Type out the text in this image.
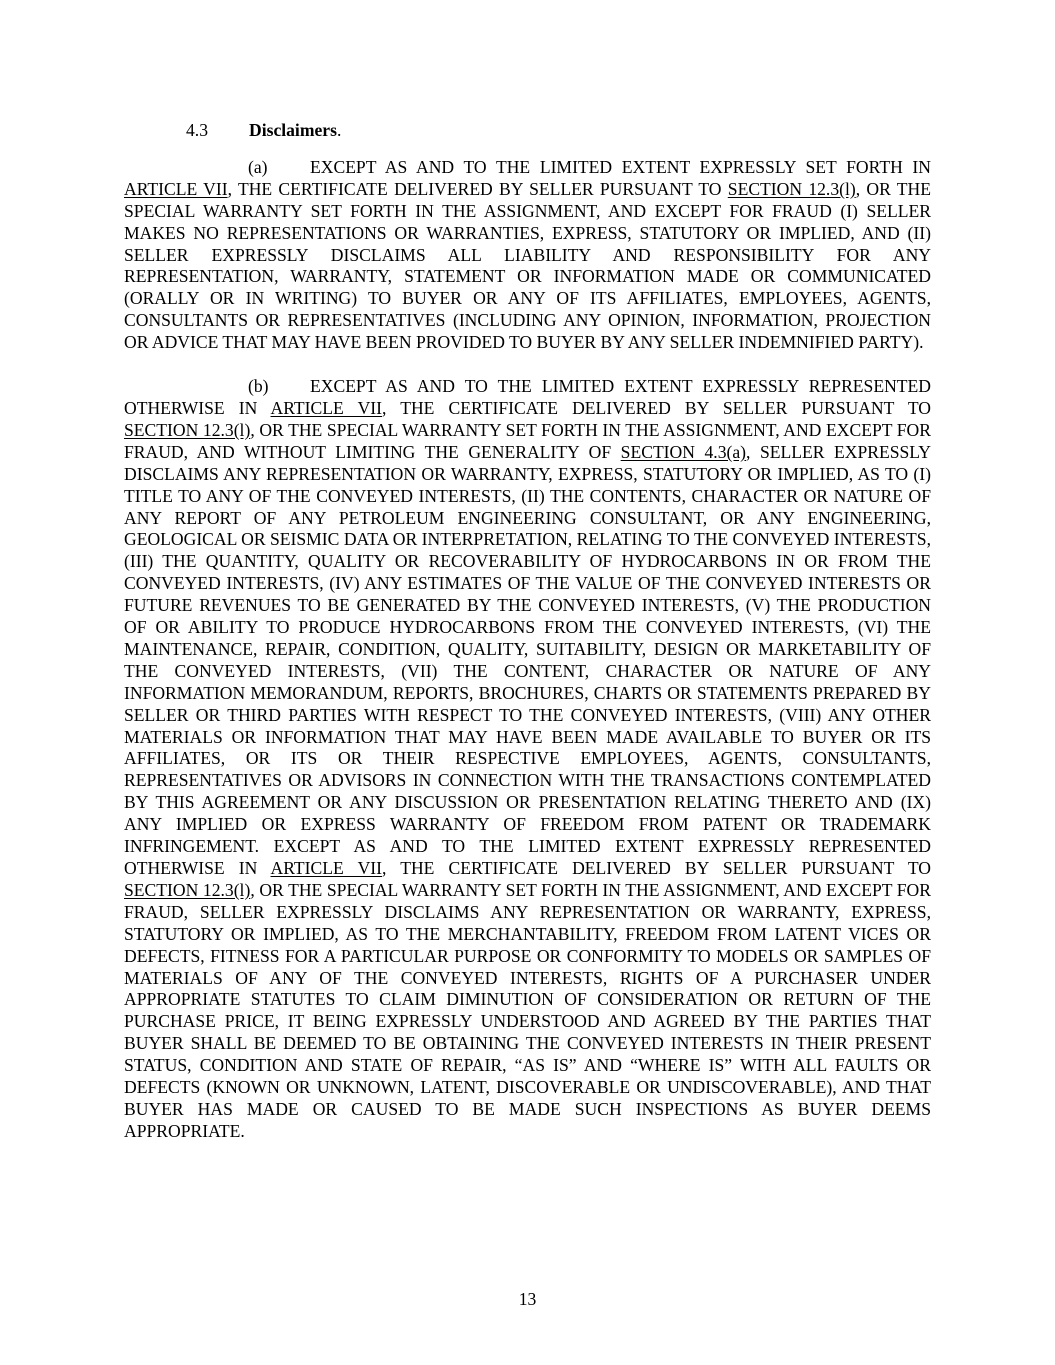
4.3 Disclaimers.

(a) EXCEPT AS AND TO THE LIMITED EXTENT EXPRESSLY SET FORTH IN ARTICLE VII, THE CERTIFICATE DELIVERED BY SELLER PURSUANT TO SECTION 12.3(l), OR THE SPECIAL WARRANTY SET FORTH IN THE ASSIGNMENT, AND EXCEPT FOR FRAUD (I) SELLER MAKES NO REPRESENTATIONS OR WARRANTIES, EXPRESS, STATUTORY OR IMPLIED, AND (II) SELLER EXPRESSLY DISCLAIMS ALL LIABILITY AND RESPONSIBILITY FOR ANY REPRESENTATION, WARRANTY, STATEMENT OR INFORMATION MADE OR COMMUNICATED (ORALLY OR IN WRITING) TO BUYER OR ANY OF ITS AFFILIATES, EMPLOYEES, AGENTS, CONSULTANTS OR REPRESENTATIVES (INCLUDING ANY OPINION, INFORMATION, PROJECTION OR ADVICE THAT MAY HAVE BEEN PROVIDED TO BUYER BY ANY SELLER INDEMNIFIED PARTY).

(b) EXCEPT AS AND TO THE LIMITED EXTENT EXPRESSLY REPRESENTED OTHERWISE IN ARTICLE VII, THE CERTIFICATE DELIVERED BY SELLER PURSUANT TO SECTION 12.3(l), OR THE SPECIAL WARRANTY SET FORTH IN THE ASSIGNMENT, AND EXCEPT FOR FRAUD, AND WITHOUT LIMITING THE GENERALITY OF SECTION 4.3(a), SELLER EXPRESSLY DISCLAIMS ANY REPRESENTATION OR WARRANTY, EXPRESS, STATUTORY OR IMPLIED, AS TO (I) TITLE TO ANY OF THE CONVEYED INTERESTS, (II) THE CONTENTS, CHARACTER OR NATURE OF ANY REPORT OF ANY PETROLEUM ENGINEERING CONSULTANT, OR ANY ENGINEERING, GEOLOGICAL OR SEISMIC DATA OR INTERPRETATION, RELATING TO THE CONVEYED INTERESTS, (III) THE QUANTITY, QUALITY OR RECOVERABILITY OF HYDROCARBONS IN OR FROM THE CONVEYED INTERESTS, (IV) ANY ESTIMATES OF THE VALUE OF THE CONVEYED INTERESTS OR FUTURE REVENUES TO BE GENERATED BY THE CONVEYED INTERESTS, (V) THE PRODUCTION OF OR ABILITY TO PRODUCE HYDROCARBONS FROM THE CONVEYED INTERESTS, (VI) THE MAINTENANCE, REPAIR, CONDITION, QUALITY, SUITABILITY, DESIGN OR MARKETABILITY OF THE CONVEYED INTERESTS, (VII) THE CONTENT, CHARACTER OR NATURE OF ANY INFORMATION MEMORANDUM, REPORTS, BROCHURES, CHARTS OR STATEMENTS PREPARED BY SELLER OR THIRD PARTIES WITH RESPECT TO THE CONVEYED INTERESTS, (VIII) ANY OTHER MATERIALS OR INFORMATION THAT MAY HAVE BEEN MADE AVAILABLE TO BUYER OR ITS AFFILIATES, OR ITS OR THEIR RESPECTIVE EMPLOYEES, AGENTS, CONSULTANTS, REPRESENTATIVES OR ADVISORS IN CONNECTION WITH THE TRANSACTIONS CONTEMPLATED BY THIS AGREEMENT OR ANY DISCUSSION OR PRESENTATION RELATING THERETO AND (IX) ANY IMPLIED OR EXPRESS WARRANTY OF FREEDOM FROM PATENT OR TRADEMARK INFRINGEMENT. EXCEPT AS AND TO THE LIMITED EXTENT EXPRESSLY REPRESENTED OTHERWISE IN ARTICLE VII, THE CERTIFICATE DELIVERED BY SELLER PURSUANT TO SECTION 12.3(l), OR THE SPECIAL WARRANTY SET FORTH IN THE ASSIGNMENT, AND EXCEPT FOR FRAUD, SELLER EXPRESSLY DISCLAIMS ANY REPRESENTATION OR WARRANTY, EXPRESS, STATUTORY OR IMPLIED, AS TO THE MERCHANTABILITY, FREEDOM FROM LATENT VICES OR DEFECTS, FITNESS FOR A PARTICULAR PURPOSE OR CONFORMITY TO MODELS OR SAMPLES OF MATERIALS OF ANY OF THE CONVEYED INTERESTS, RIGHTS OF A PURCHASER UNDER APPROPRIATE STATUTES TO CLAIM DIMINUTION OF CONSIDERATION OR RETURN OF THE PURCHASE PRICE, IT BEING EXPRESSLY UNDERSTOOD AND AGREED BY THE PARTIES THAT BUYER SHALL BE DEEMED TO BE OBTAINING THE CONVEYED INTERESTS IN THEIR PRESENT STATUS, CONDITION AND STATE OF REPAIR, “AS IS” AND “WHERE IS” WITH ALL FAULTS OR DEFECTS (KNOWN OR UNKNOWN, LATENT, DISCOVERABLE OR UNDISCOVERABLE), AND THAT BUYER HAS MADE OR CAUSED TO BE MADE SUCH INSPECTIONS AS BUYER DEEMS APPROPRIATE.

13
